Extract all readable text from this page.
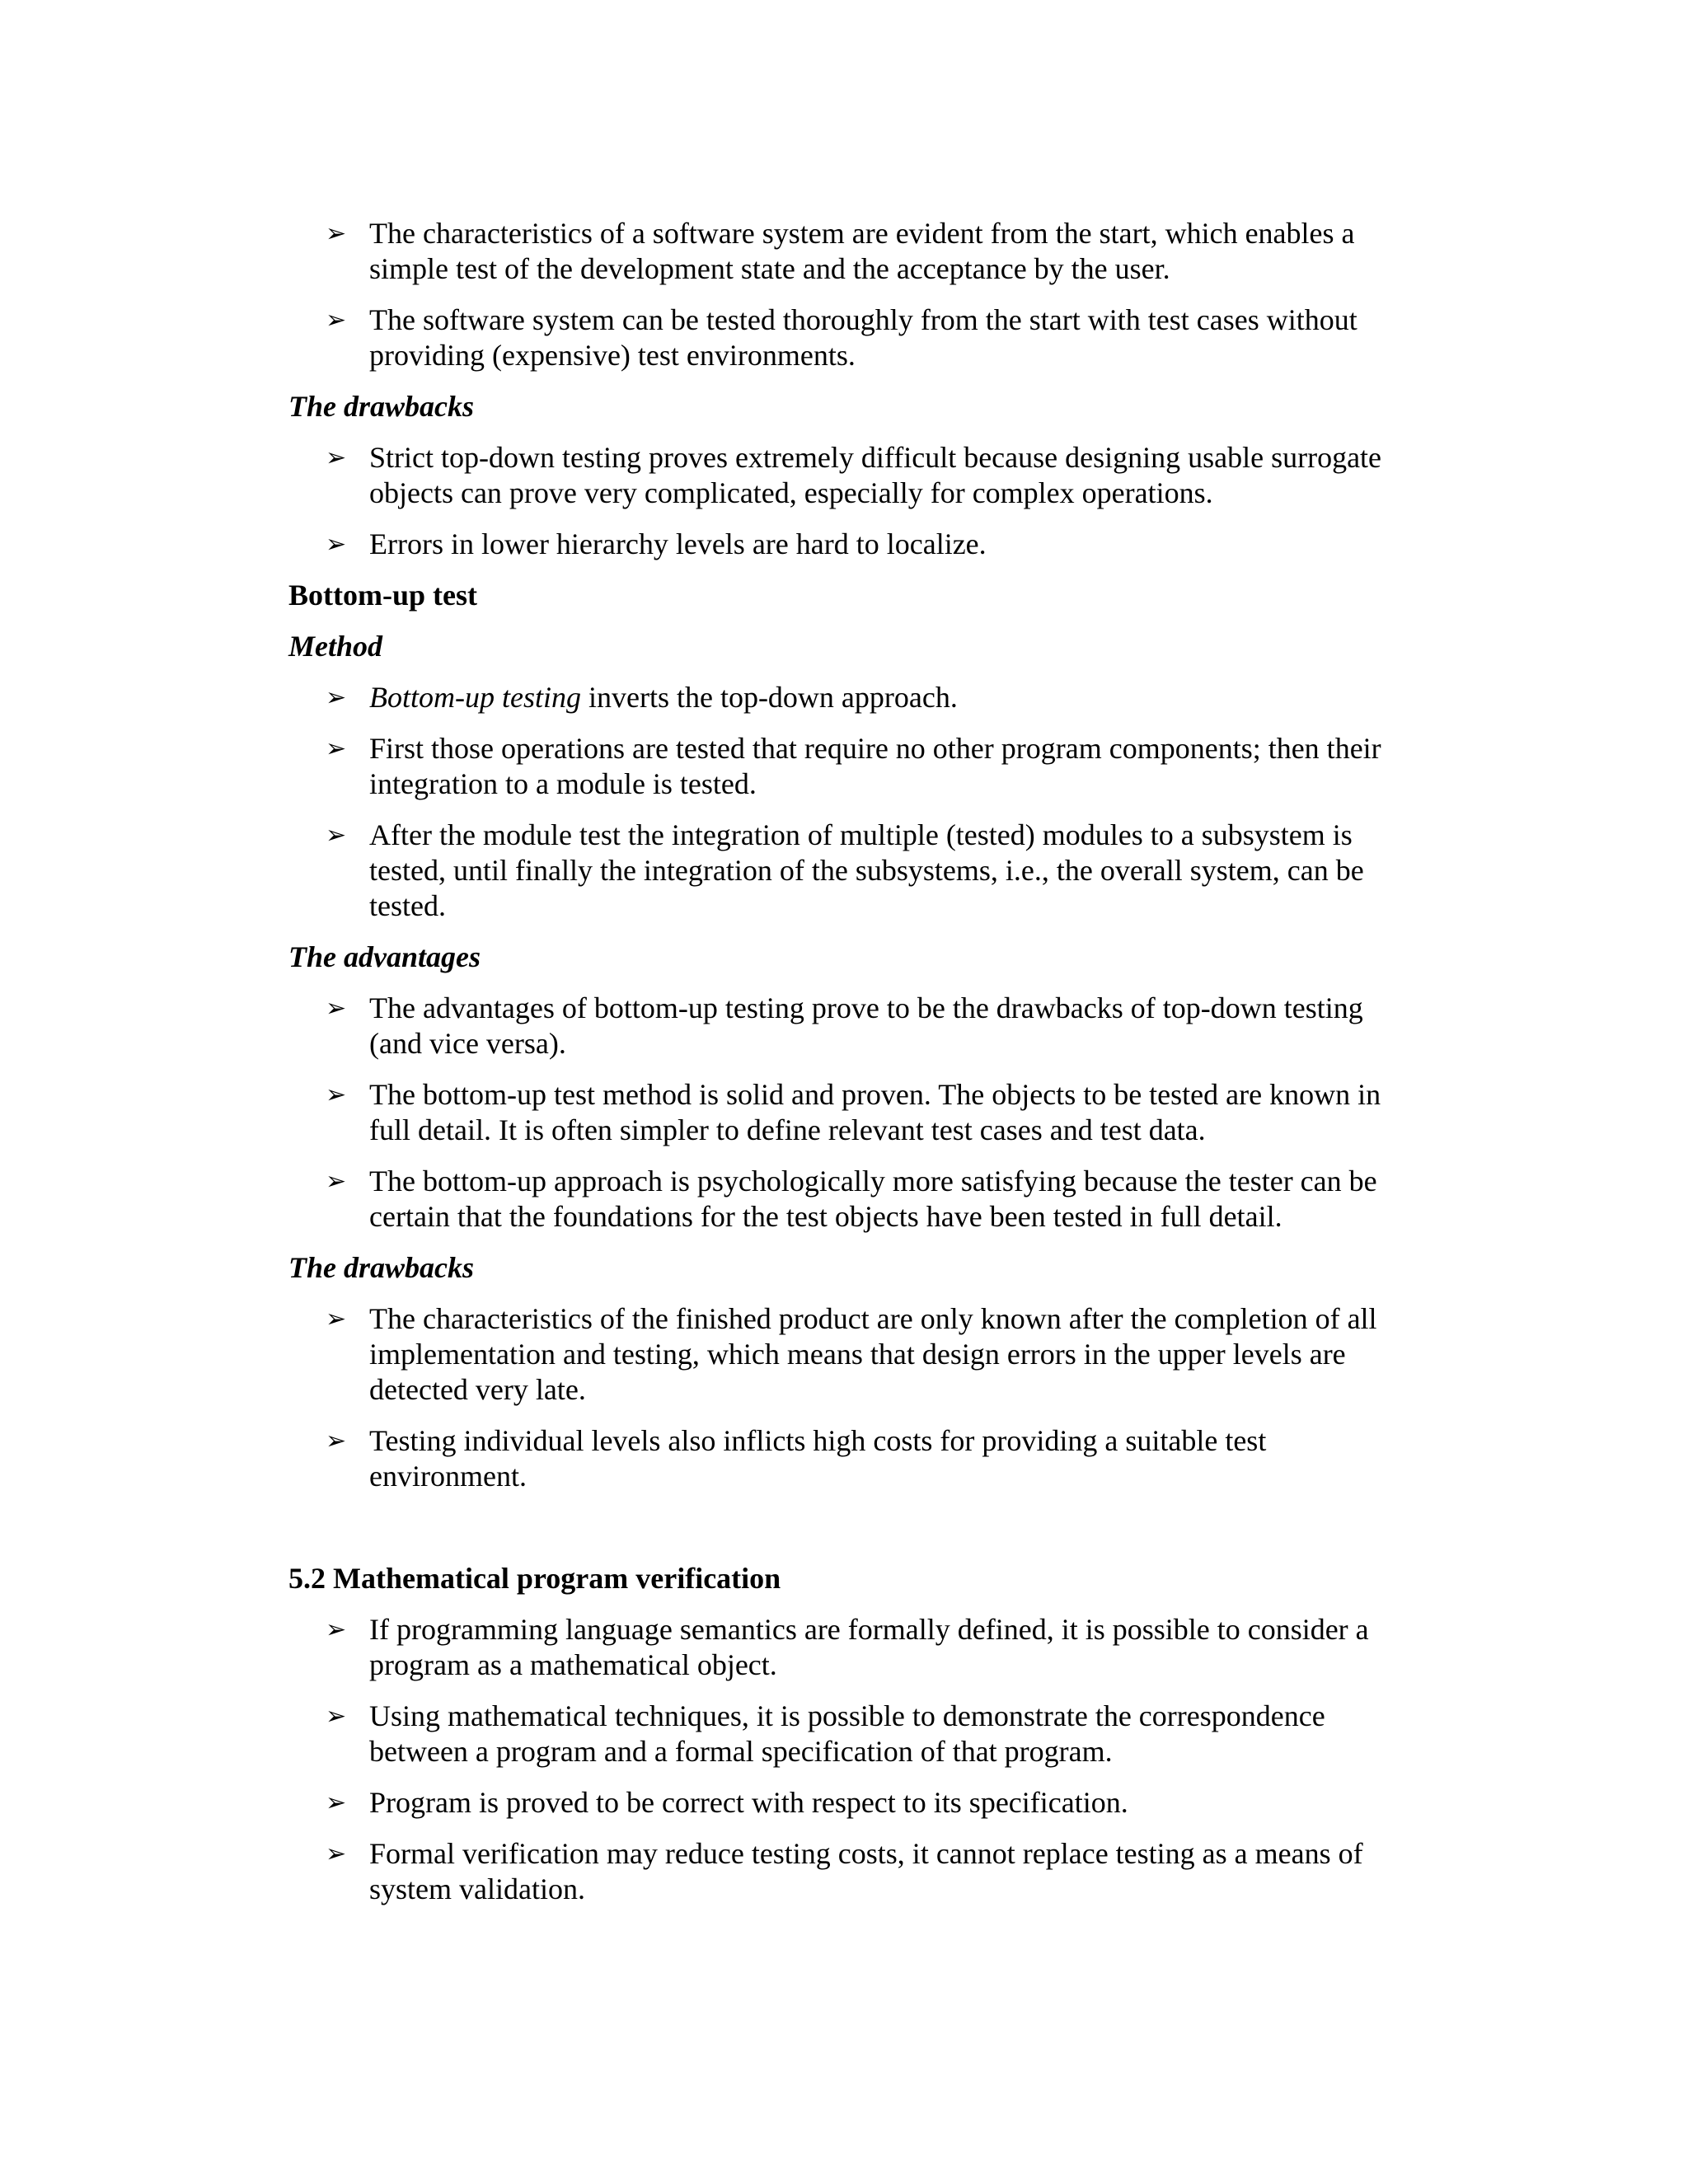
➢ The characteristics of a software system are evident from the start, which enables a simple test of the development state and the acceptance by the user.
➢ The software system can be tested thoroughly from the start with test cases without providing (expensive) test environments.
The drawbacks
➢ Strict top-down testing proves extremely difficult because designing usable surrogate objects can prove very complicated, especially for complex operations.
➢ Errors in lower hierarchy levels are hard to localize.
Bottom-up test
Method
➢ Bottom-up testing inverts the top-down approach.
➢ First those operations are tested that require no other program components; then their integration to a module is tested.
➢ After the module test the integration of multiple (tested) modules to a subsystem is tested, until finally the integration of the subsystems, i.e., the overall system, can be tested.
The advantages
➢ The advantages of bottom-up testing prove to be the drawbacks of top-down testing (and vice versa).
➢ The bottom-up test method is solid and proven. The objects to be tested are known in full detail. It is often simpler to define relevant test cases and test data.
➢ The bottom-up approach is psychologically more satisfying because the tester can be certain that the foundations for the test objects have been tested in full detail.
The drawbacks
➢ The characteristics of the finished product are only known after the completion of all implementation and testing, which means that design errors in the upper levels are detected very late.
➢ Testing individual levels also inflicts high costs for providing a suitable test environment.
5.2 Mathematical program verification
➢ If programming language semantics are formally defined, it is possible to consider a program as a mathematical object.
➢ Using mathematical techniques, it is possible to demonstrate the correspondence between a program and a formal specification of that program.
➢ Program is proved to be correct with respect to its specification.
➢ Formal verification may reduce testing costs, it cannot replace testing as a means of system validation.
